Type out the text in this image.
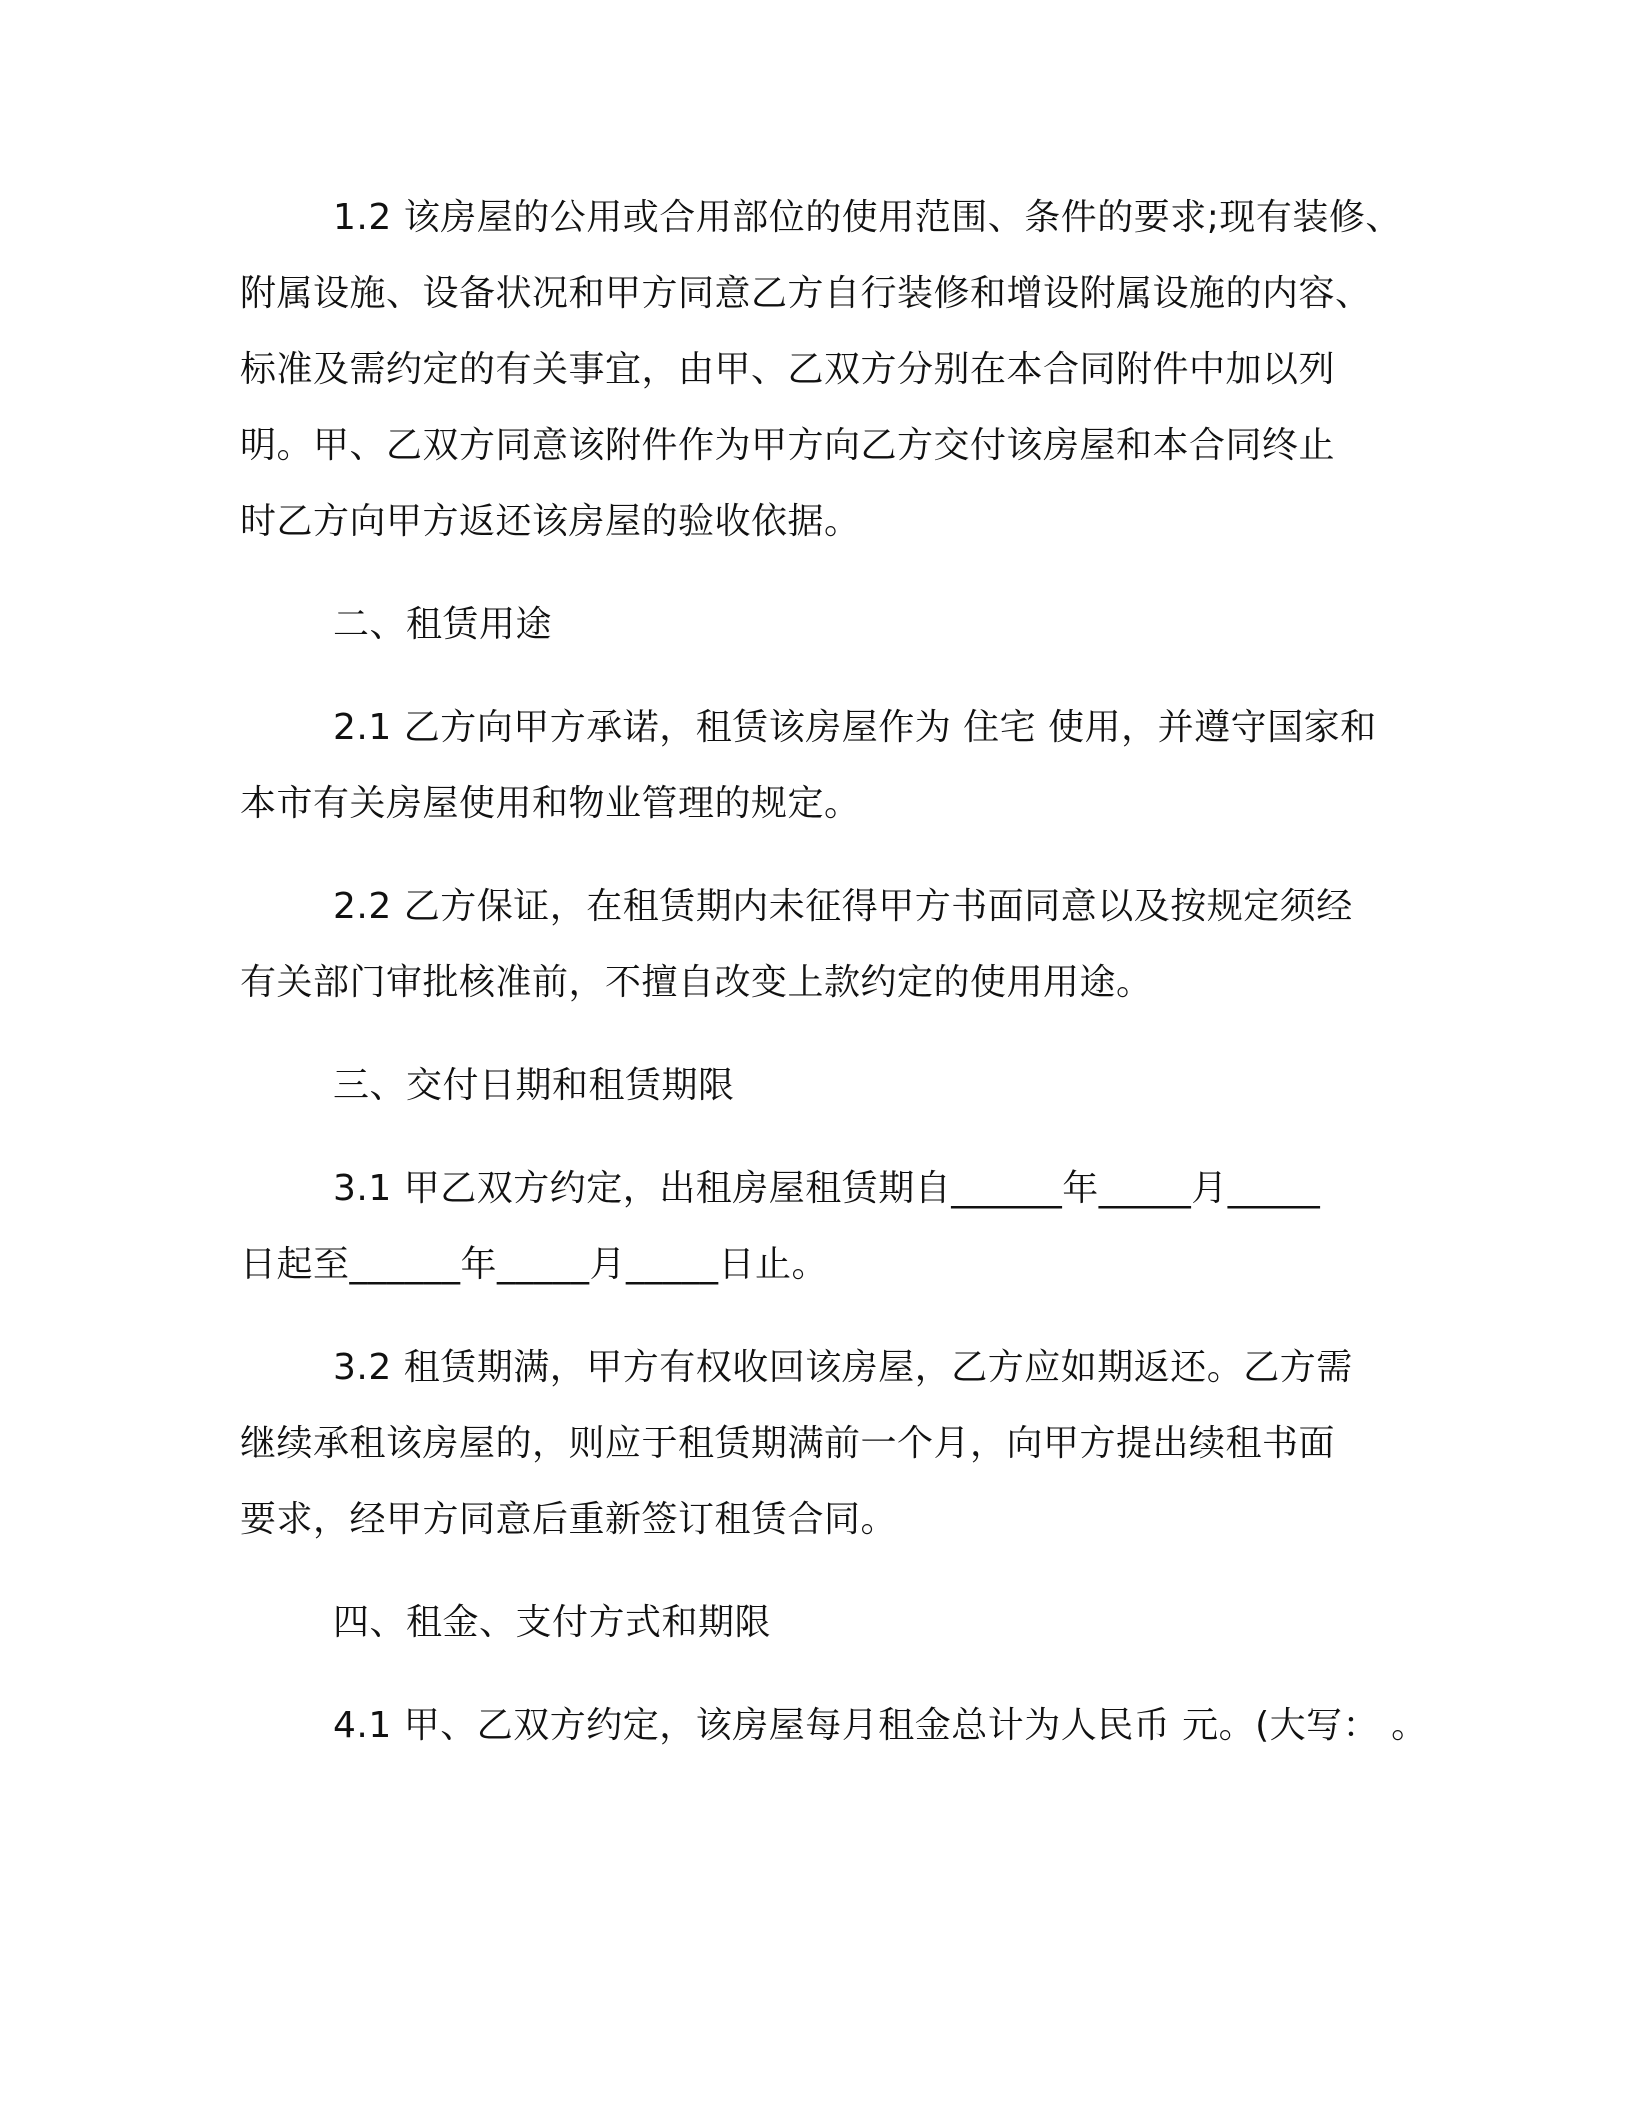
1.2 该房屋的公用或合用部位的使用范围、条件的要求;现有装修、

附属设施、设备状况和甲方同意乙方自行装修和增设附属设施的内容、

标准及需约定的有关事宜，由甲、乙双方分别在本合同附件中加以列

明。甲、乙双方同意该附件作为甲方向乙方交付该房屋和本合同终止

时乙方向甲方返还该房屋的验收依据。

二、租赁用途

2.1 乙方向甲方承诺，租赁该房屋作为 住宅 使用，并遵守国家和

本市有关房屋使用和物业管理的规定。

2.2 乙方保证，在租赁期内未征得甲方书面同意以及按规定须经

有关部门审批核准前，不擅自改变上款约定的使用用途。

三、交付日期和租赁期限

3.1 甲乙双方约定，出租房屋租赁期自______年_____月_____

日起至______年_____月_____日止。

3.2 租赁期满，甲方有权收回该房屋，乙方应如期返还。乙方需

继续承租该房屋的，则应于租赁期满前一个月，向甲方提出续租书面

要求，经甲方同意后重新签订租赁合同。

四、租金、支付方式和期限

4.1 甲、乙双方约定，该房屋每月租金总计为人民币 元。(大写： 。
